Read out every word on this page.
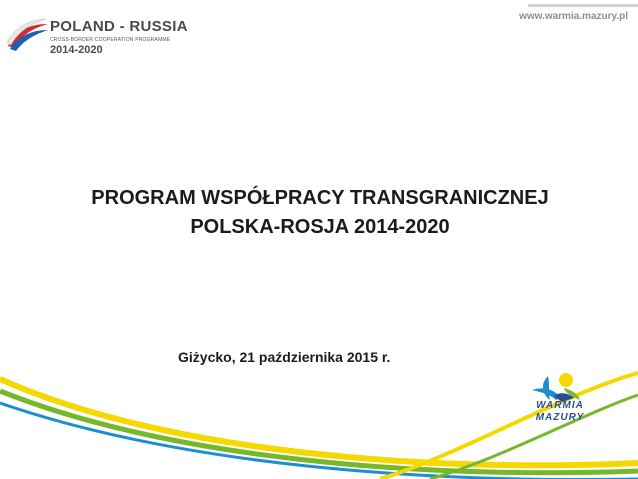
POLAND - RUSSIA
CROSS-BORDER COOPERATION PROGRAMME
2014-2020
www.warmia.mazury.pl
PROGRAM WSPÓŁPRACY TRANSGRANICZNEJ
POLSKA-ROSJA 2014-2020
Giżycko, 21 października 2015 r.
WARMIA
MAZURY
